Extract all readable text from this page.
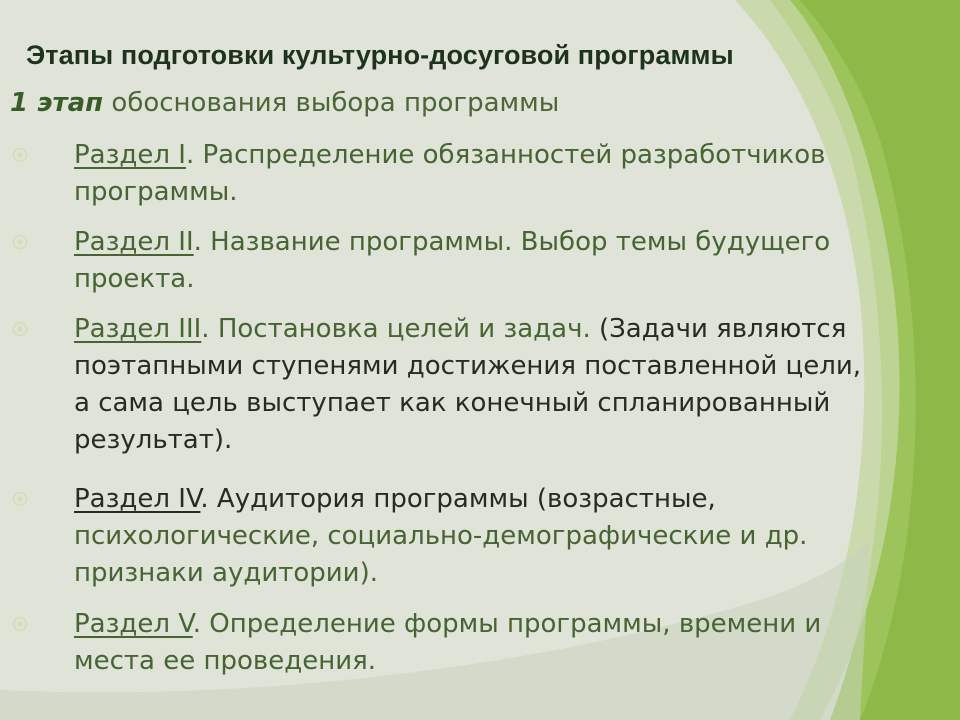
Этапы подготовки культурно-досуговой программы
1 этап обоснования выбора программы
Раздел I. Распределение обязанностей разработчиков программы.
Раздел II. Название программы. Выбор темы будущего проекта.
Раздел III. Постановка целей и задач. (Задачи являются поэтапными ступенями достижения поставленной цели, а сама цель выступает как конечный спланированный результат).
Раздел IV. Аудитория программы (возрастные, психологические, социально-демографические и др. признаки аудитории).
Раздел V. Определение формы программы, времени и места ее проведения.
